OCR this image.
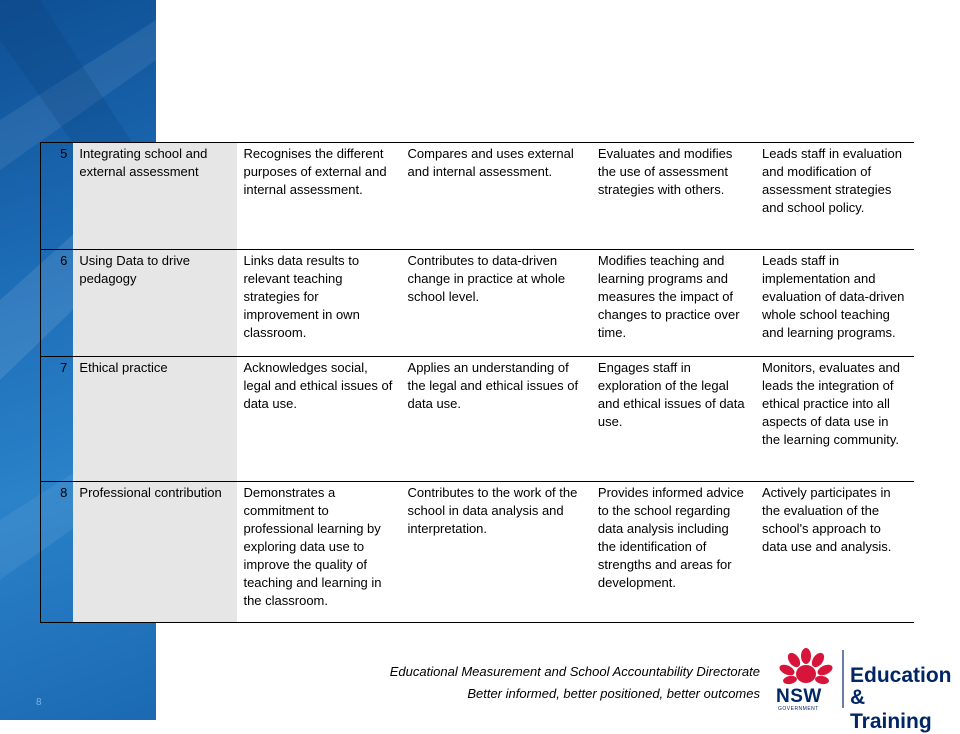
8
5	Integrating school and external assessment	Recognises the different purposes of external and internal assessment.	Compares and uses external and internal assessment.	Evaluates and modifies the use of assessment strategies with others.	Leads staff in evaluation and modification of assessment strategies and school policy.
6	Using Data to drive pedagogy	Links data results to relevant teaching strategies for improvement in own classroom.	Contributes to data-driven change in practice at whole school level.	Modifies teaching and learning programs and measures the impact of changes to practice over time.	Leads staff in implementation and evaluation of data-driven whole school teaching and learning programs.
7	Ethical practice	Acknowledges social, legal and ethical issues of data use.	Applies an understanding of the legal and ethical issues of data use.	Engages staff in exploration of the legal and ethical issues of data use.	Monitors, evaluates and leads the integration of ethical practice into all aspects of data use in the learning community.
8	Professional contribution	Demonstrates a commitment to professional learning by exploring data use to improve the quality of teaching and learning in the classroom.	Contributes to the work of the school in data analysis and interpretation.	Provides informed advice to the school regarding data analysis including the identification of strengths and areas for development.	Actively participates in the evaluation of the school's approach to data use and analysis.
Educational Measurement and School Accountability Directorate
Better informed, better positioned, better outcomes NSW
GOVERNMENT
Education
& Training
